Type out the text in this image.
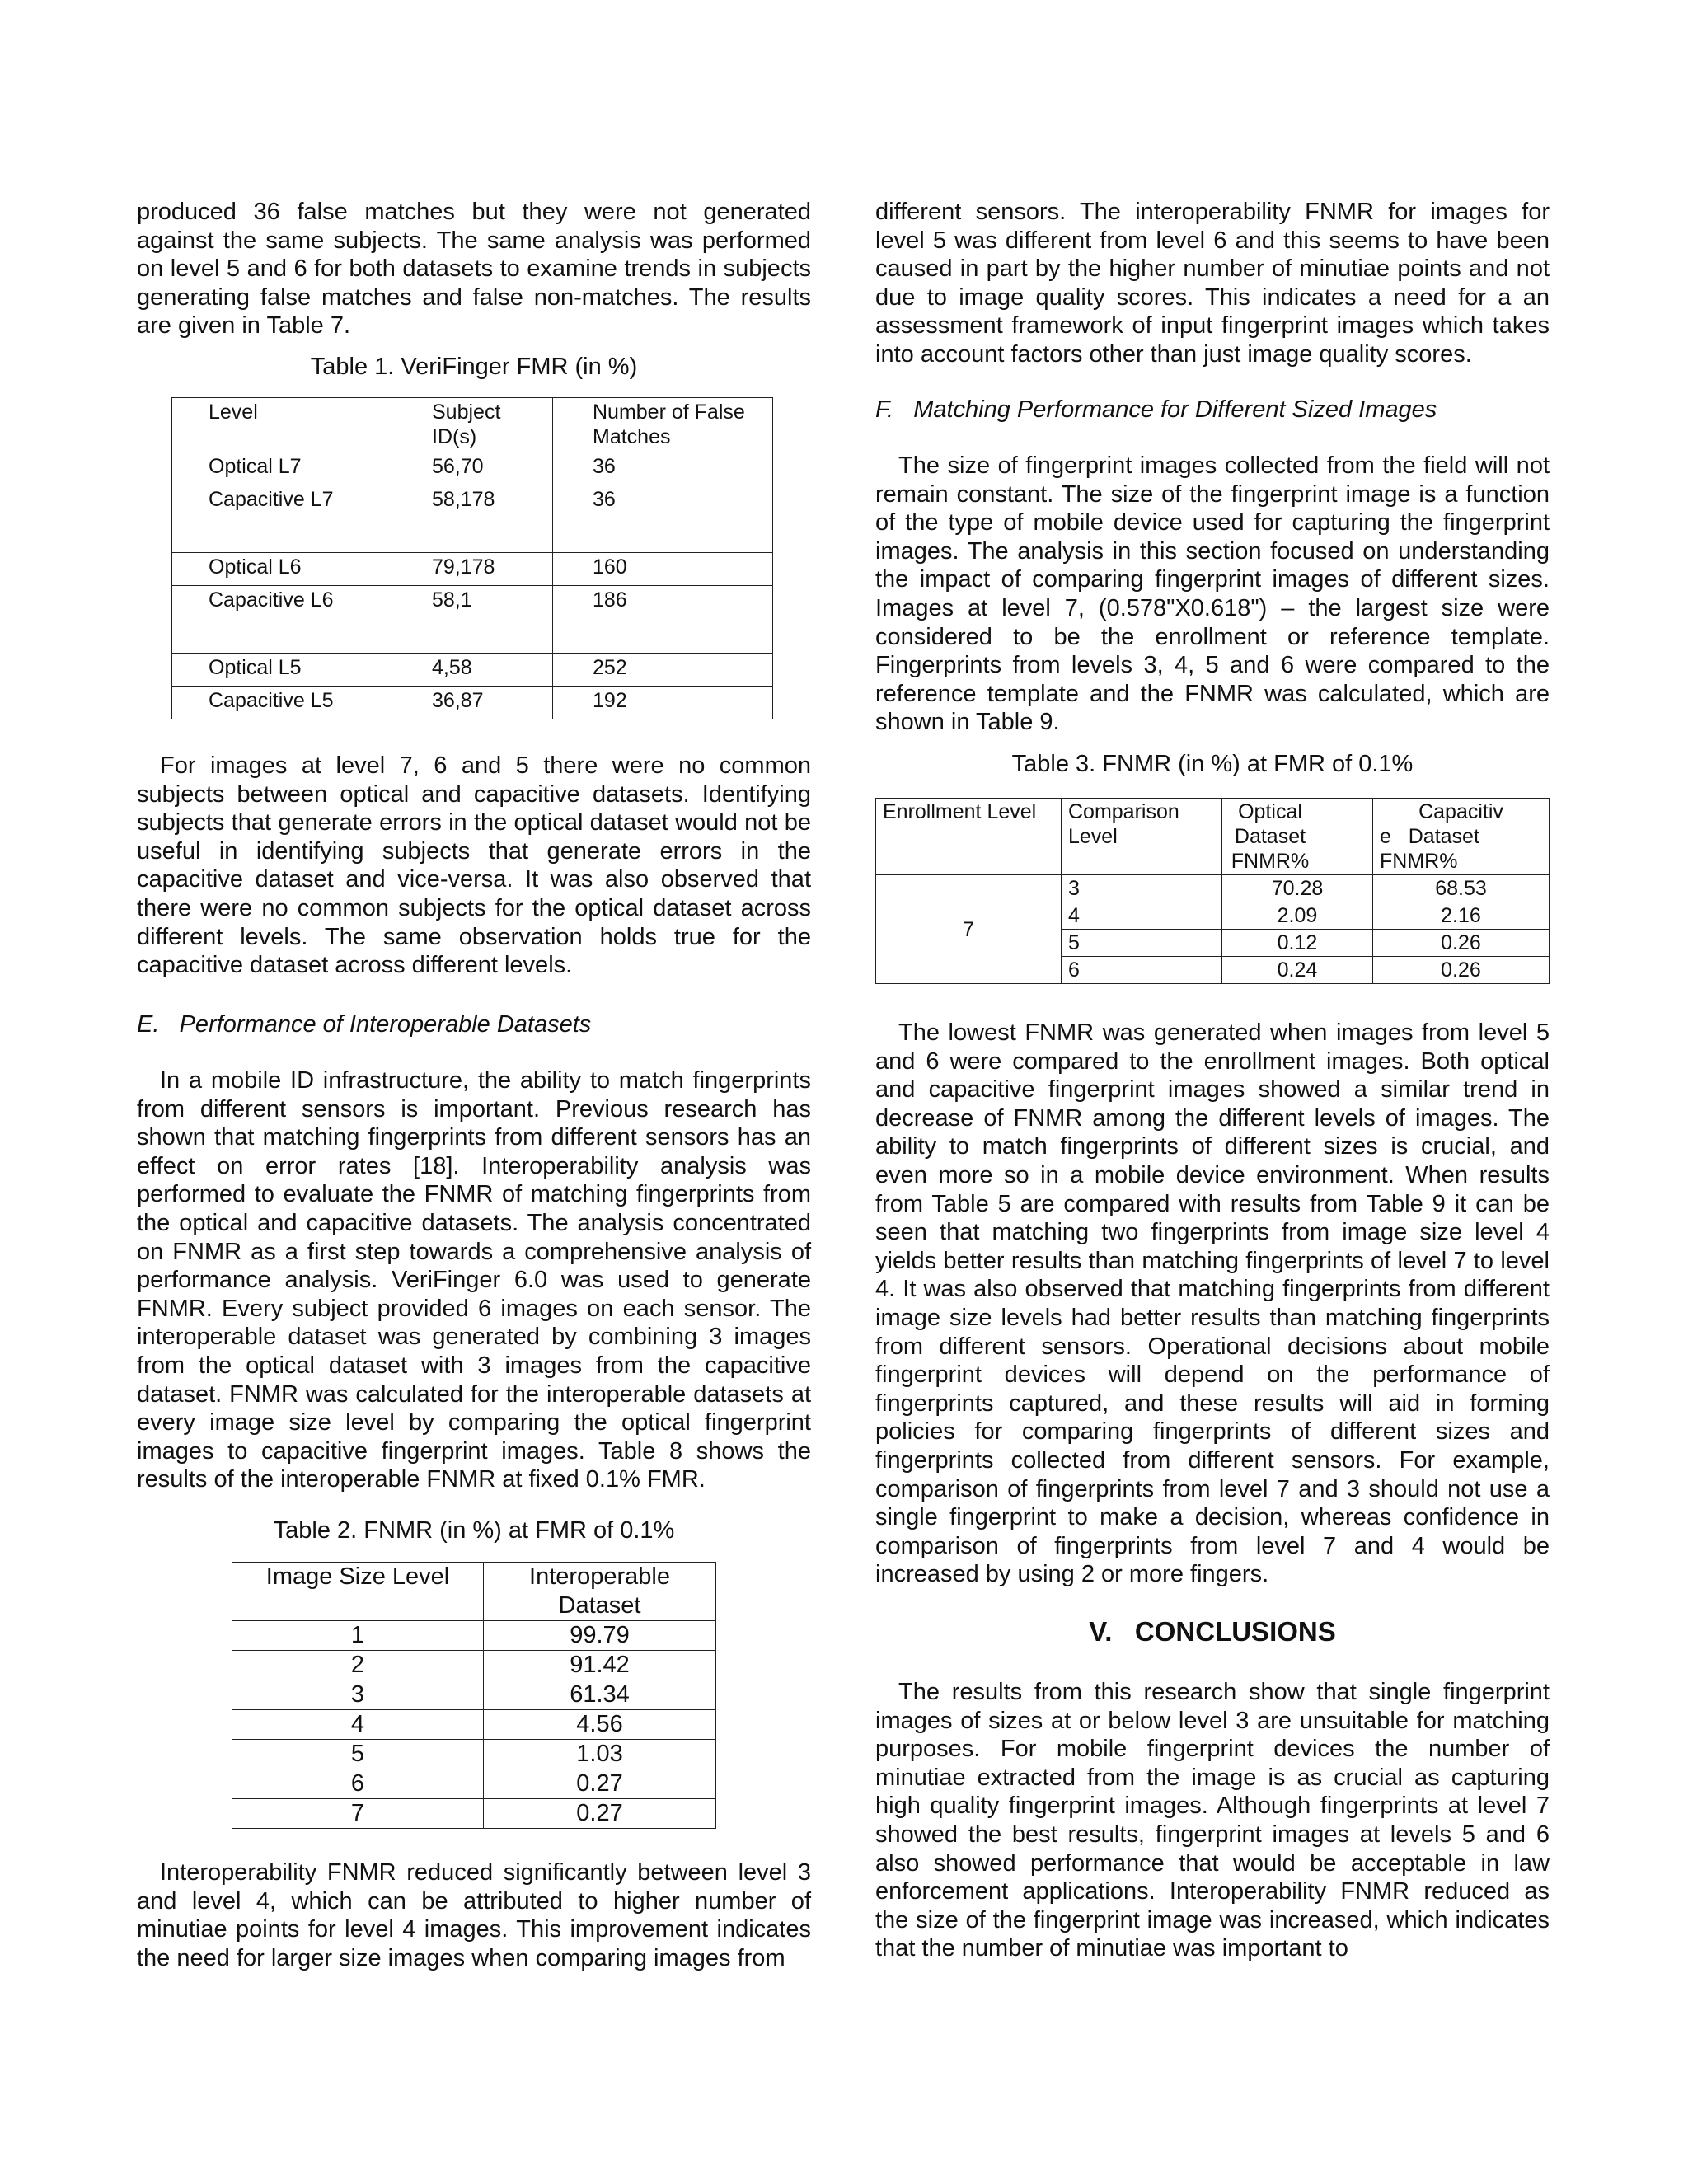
produced 36 false matches but they were not generated against the same subjects. The same analysis was performed on level 5 and 6 for both datasets to examine trends in subjects generating false matches and false non-matches. The results are given in Table 7.

Table 1. VeriFinger FMR (in %)

Level	Subject ID(s)	Number of False Matches
Optical L7	56,70	36
Capacitive L7	58,178	36
Optical L6	79,178	160
Capacitive L6	58,1	186
Optical L5	4,58	252
Capacitive L5	36,87	192

For images at level 7, 6 and 5 there were no common subjects between optical and capacitive datasets. Identifying subjects that generate errors in the optical dataset would not be useful in identifying subjects that generate errors in the capacitive dataset and vice-versa. It was also observed that there were no common subjects for the optical dataset across different levels. The same observation holds true for the capacitive dataset across different levels.

E.   Performance of Interoperable Datasets

In a mobile ID infrastructure, the ability to match fingerprints from different sensors is important. Previous research has shown that matching fingerprints from different sensors has an effect on error rates [18]. Interoperability analysis was performed to evaluate the FNMR of matching fingerprints from the optical and capacitive datasets. The analysis concentrated on FNMR as a first step towards a comprehensive analysis of performance analysis. VeriFinger 6.0 was used to generate FNMR. Every subject provided 6 images on each sensor. The interoperable dataset was generated by combining 3 images from the optical dataset with 3 images from the capacitive dataset. FNMR was calculated for the interoperable datasets at every image size level by comparing the optical fingerprint images to capacitive fingerprint images. Table 8 shows the results of the interoperable FNMR at fixed 0.1% FMR.

Table 2. FNMR (in %) at FMR of 0.1%

Image Size Level	Interoperable Dataset
1	99.79
2	91.42
3	61.34
4	4.56
5	1.03
6	0.27
7	0.27

Interoperability FNMR reduced significantly between level 3 and level 4, which can be attributed to higher number of minutiae points for level 4 images. This improvement indicates the need for larger size images when comparing images from

different sensors. The interoperability FNMR for images for level 5 was different from level 6 and this seems to have been caused in part by the higher number of minutiae points and not due to image quality scores. This indicates a need for a an assessment framework of input fingerprint images which takes into account factors other than just image quality scores.

F.   Matching Performance for Different Sized Images

The size of fingerprint images collected from the field will not remain constant. The size of the fingerprint image is a function of the type of mobile device used for capturing the fingerprint images. The analysis in this section focused on understanding the impact of comparing fingerprint images of different sizes. Images at level 7, (0.578"X0.618") – the largest size were considered to be the enrollment or reference template. Fingerprints from levels 3, 4, 5 and 6 were compared to the reference template and the FNMR was calculated, which are shown in Table 9.

Table 3. FNMR (in %) at FMR of 0.1%

Enrollment Level	Comparison Level	Optical Dataset FNMR%	Capacitiv
e   Dataset
FNMR%

7	3	70.28	68.53
	4	2.09	2.16
	5	0.12	0.26
	6	0.24	0.26

The lowest FNMR was generated when images from level 5 and 6 were compared to the enrollment images. Both optical and capacitive fingerprint images showed a similar trend in decrease of FNMR among the different levels of images. The ability to match fingerprints of different sizes is crucial, and even more so in a mobile device environment. When results from Table 5 are compared with results from Table 9 it can be seen that matching two fingerprints from image size level 4 yields better results than matching fingerprints of level 7 to level 4. It was also observed that matching fingerprints from different image size levels had better results than matching fingerprints from different sensors. Operational decisions about mobile fingerprint devices will depend on the performance of fingerprints captured, and these results will aid in forming policies for comparing fingerprints of different sizes and fingerprints collected from different sensors. For example, comparison of fingerprints from level 7 and 3 should not use a single fingerprint to make a decision, whereas confidence in comparison of fingerprints from level 7 and 4 would be increased by using 2 or more fingers.

V.   CONCLUSIONS

The results from this research show that single fingerprint images of sizes at or below level 3 are unsuitable for matching purposes. For mobile fingerprint devices the number of minutiae extracted from the image is as crucial as capturing high quality fingerprint images. Although fingerprints at level 7 showed the best results, fingerprint images at levels 5 and 6 also showed performance that would be acceptable in law enforcement applications. Interoperability FNMR reduced as the size of the fingerprint image was increased, which indicates that the number of minutiae was important to
